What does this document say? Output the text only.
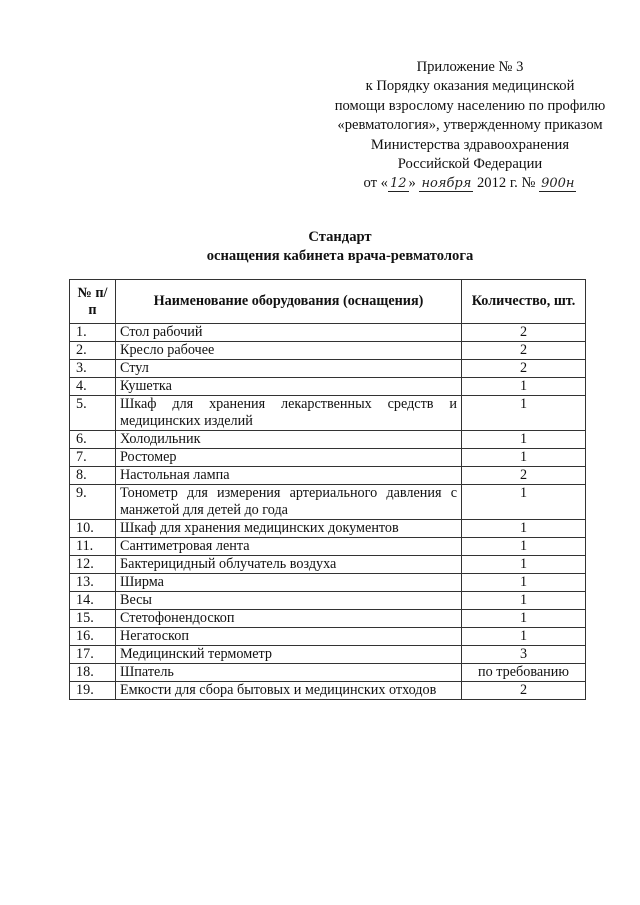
Приложение № 3
к Порядку оказания медицинской
помощи взрослому населению по профилю
«ревматология», утвержденному приказом
Министерства здравоохранения
Российской Федерации
от « 12 » ноября 2012 г. № 900н
Стандарт
оснащения кабинета врача-ревматолога
№ п/п	Наименование оборудования (оснащения)	Количество, шт.
1.	Стол рабочий	2
2.	Кресло рабочее	2
3.	Стул	2
4.	Кушетка	1
5.	Шкаф для хранения лекарственных средств и медицинских изделий	1
6.	Холодильник	1
7.	Ростомер	1
8.	Настольная лампа	2
9.	Тонометр для измерения артериального давления с манжетой для детей до года	1
10.	Шкаф для хранения медицинских документов	1
11.	Сантиметровая лента	1
12.	Бактерицидный облучатель воздуха	1
13.	Ширма	1
14.	Весы	1
15.	Стетофонендоскоп	1
16.	Негатоскоп	1
17.	Медицинский термометр	3
18.	Шпатель	по требованию
19.	Емкости для сбора бытовых и медицинских отходов	2
